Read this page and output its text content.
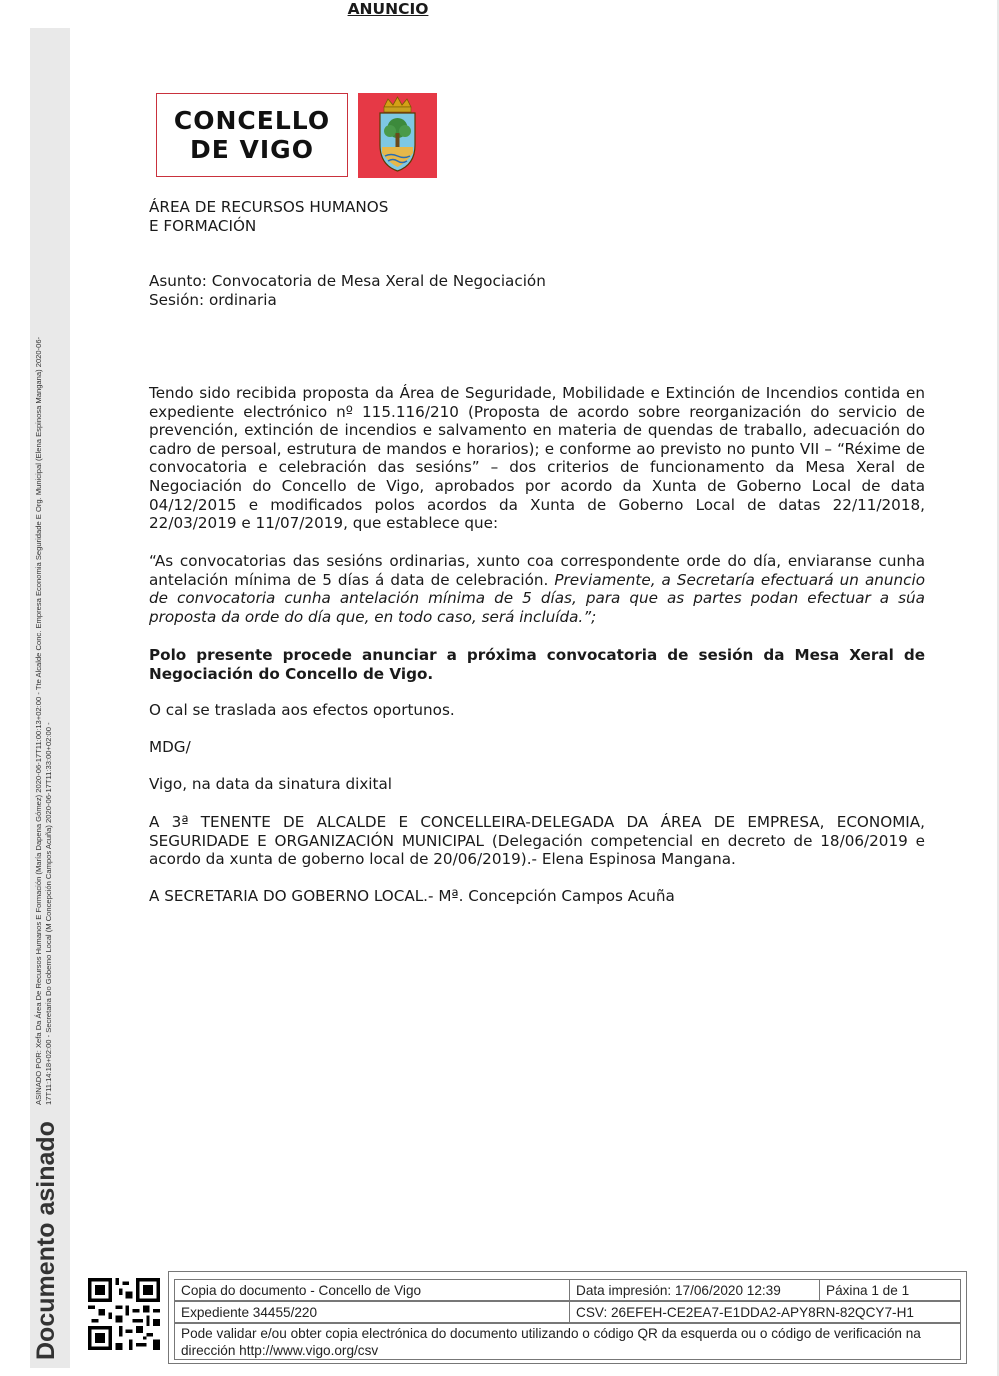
Documento asinado
ASINADO POR: Xefa Da Área De Recursos Humanos E Formación (María Dapena Gómez) 2020-06-17T11:00:13+02:00 - Tte Alcalde Conc. Empresa Economia Seguridade E Org. Municipal (Elena Espinosa Mangana) 2020-06- 17T11:14:18+02:00 - Secretaria Do Goberno Local (M Concepción Campos Acuña) 2020-06-17T11:33:00+02:00 -
CONCELLO
DE VIGO
ÁREA DE RECURSOS HUMANOS
E FORMACIÓN
Asunto: Convocatoria de Mesa Xeral de Negociación
Sesión: ordinaria
ANUNCIO
Tendo sido recibida proposta da Área de Seguridade, Mobilidade e Extinción de Incendios contida en expediente electrónico nº 115.116/210 (Proposta de acordo sobre reorganización do servicio de prevención, extinción de incendios e salvamento en materia de quendas de traballo, adecuación do cadro de persoal, estrutura de mandos e horarios); e conforme ao previsto no punto VII – “Réxime de convocatoria e celebración das sesións” – dos criterios de funcionamento da Mesa Xeral de Negociación do Concello de Vigo, aprobados por acordo da Xunta de Goberno Local de data 04/12/2015 e modificados polos acordos da Xunta de Goberno Local de datas 22/11/2018, 22/03/2019 e 11/07/2019, que establece que:
“As convocatorias das sesións ordinarias, xunto coa correspondente orde do día, enviaranse cunha antelación mínima de 5 días á data de celebración. Previamente, a Secretaría efectuará un anuncio de convocatoria cunha antelación mínima de 5 días, para que as partes podan efectuar a súa proposta da orde do día que, en todo caso, será incluída.”;
Polo presente procede anunciar a próxima convocatoria de sesión da Mesa Xeral de Negociación do Concello de Vigo.
O cal se traslada aos efectos oportunos.
MDG/
Vigo, na data da sinatura dixital
A 3ª TENENTE DE ALCALDE E CONCELLEIRA-DELEGADA DA ÁREA DE EMPRESA, ECONOMIA, SEGURIDADE E ORGANIZACIÓN MUNICIPAL (Delegación competencial en decreto de 18/06/2019 e acordo da xunta de goberno local de 20/06/2019).- Elena Espinosa Mangana.
A SECRETARIA DO GOBERNO LOCAL.- Mª. Concepción Campos Acuña
Copia do documento - Concello de Vigo	Data impresión: 17/06/2020 12:39	Páxina 1 de 1
Expediente 34455/220	CSV: 26EFEH-CE2EA7-E1DDA2-APY8RN-82QCY7-H1
Pode validar e/ou obter copia electrónica do documento utilizando o código QR da esquerda ou o código de verificación na dirección http://www.vigo.org/csv
